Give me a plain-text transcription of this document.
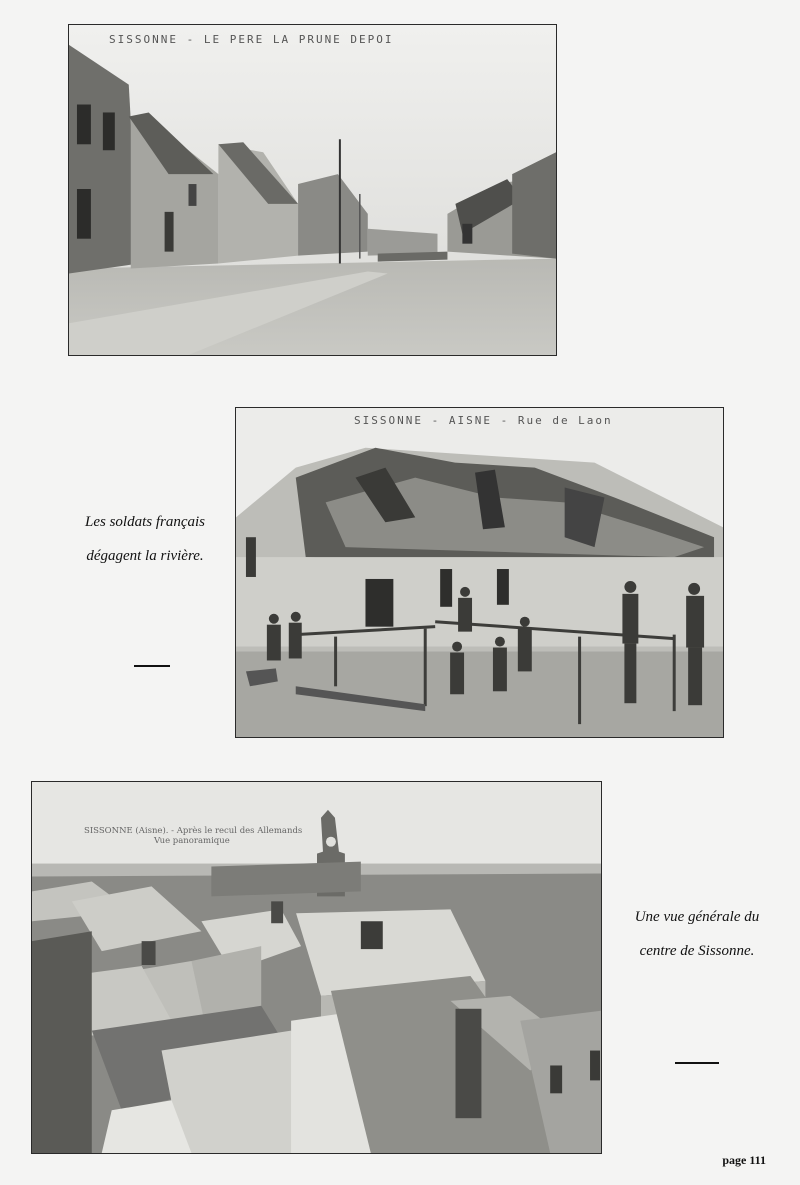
SISSONNE - LE PERE LA PRUNE DEPOI
Les soldats français
dégagent la rivière.
SISSONNE - AISNE - Rue de Laon
SISSONNE (Aisne). - Après le recul des Allemands
Vue panoramique
Une vue générale du
centre de Sissonne.
page 111
